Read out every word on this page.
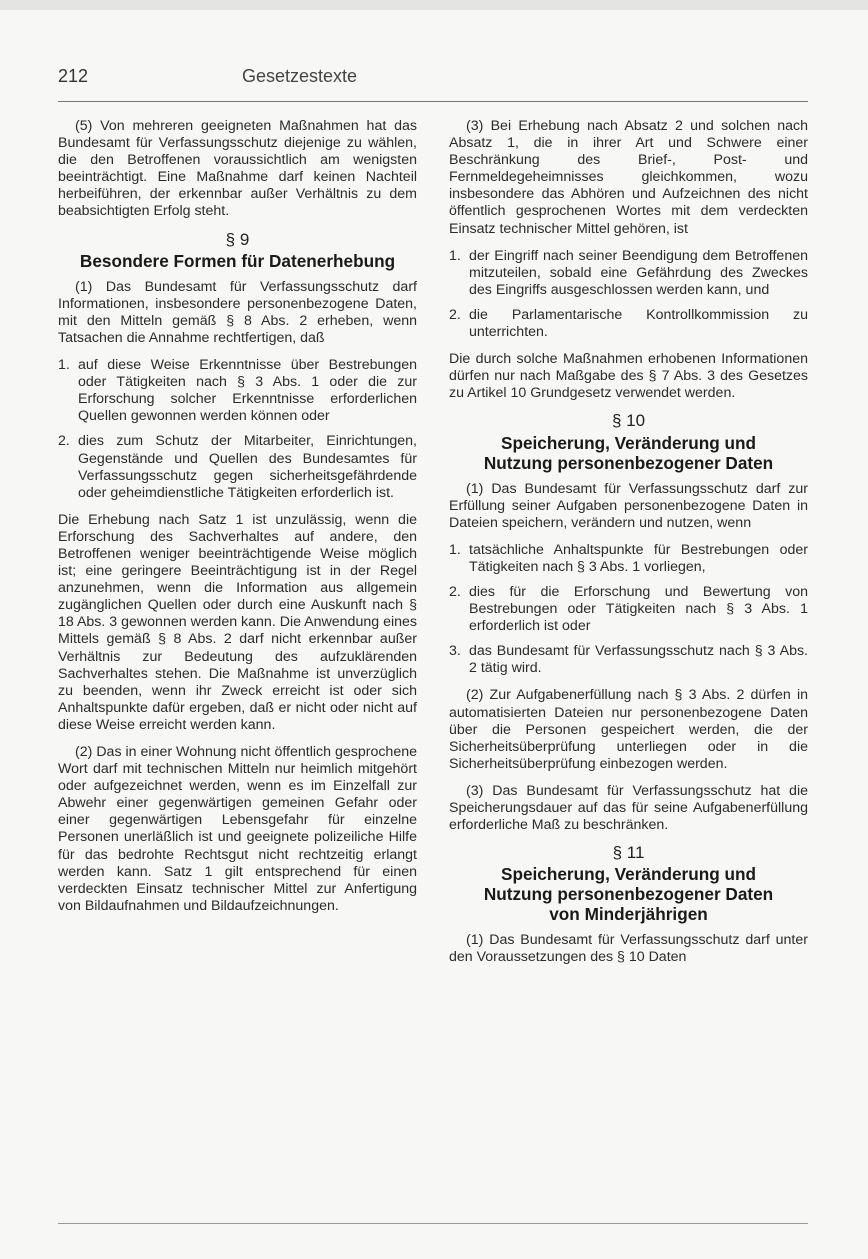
212	Gesetzestexte

(5) Von mehreren geeigneten Maßnahmen hat das Bundesamt für Verfassungsschutz diejenige zu wählen, die den Betroffenen voraussichtlich am wenigsten beeinträchtigt. Eine Maßnahme darf keinen Nachteil herbeiführen, der erkennbar außer Verhältnis zu dem beabsichtigten Erfolg steht.

§ 9
Besondere Formen für Datenerhebung

(1) Das Bundesamt für Verfassungsschutz darf Informationen, insbesondere personenbezogene Daten, mit den Mitteln gemäß § 8 Abs. 2 erheben, wenn Tatsachen die Annahme rechtfertigen, daß

1. auf diese Weise Erkenntnisse über Bestrebungen oder Tätigkeiten nach § 3 Abs. 1 oder die zur Erforschung solcher Erkenntnisse erforderlichen Quellen gewonnen werden können oder
2. dies zum Schutz der Mitarbeiter, Einrichtungen, Gegenstände und Quellen des Bundesamtes für Verfassungsschutz gegen sicherheitsgefährdende oder geheimdienstliche Tätigkeiten erforderlich ist.

Die Erhebung nach Satz 1 ist unzulässig, wenn die Erforschung des Sachverhaltes auf andere, den Betroffenen weniger beeinträchtigende Weise möglich ist; eine geringere Beeinträchtigung ist in der Regel anzunehmen, wenn die Information aus allgemein zugänglichen Quellen oder durch eine Auskunft nach § 18 Abs. 3 gewonnen werden kann. Die Anwendung eines Mittels gemäß § 8 Abs. 2 darf nicht erkennbar außer Verhältnis zur Bedeutung des aufzuklärenden Sachverhaltes stehen. Die Maßnahme ist unverzüglich zu beenden, wenn ihr Zweck erreicht ist oder sich Anhaltspunkte dafür ergeben, daß er nicht oder nicht auf diese Weise erreicht werden kann.

(2) Das in einer Wohnung nicht öffentlich gesprochene Wort darf mit technischen Mitteln nur heimlich mitgehört oder aufgezeichnet werden, wenn es im Einzelfall zur Abwehr einer gegenwärtigen gemeinen Gefahr oder einer gegenwärtigen Lebensgefahr für einzelne Personen unerläßlich ist und geeignete polizeiliche Hilfe für das bedrohte Rechtsgut nicht rechtzeitig erlangt werden kann. Satz 1 gilt entsprechend für einen verdeckten Einsatz technischer Mittel zur Anfertigung von Bildaufnahmen und Bildaufzeichnungen.

(3) Bei Erhebung nach Absatz 2 und solchen nach Absatz 1, die in ihrer Art und Schwere einer Beschränkung des Brief-, Post- und Fernmeldegeheimnisses gleichkommen, wozu insbesondere das Abhören und Aufzeichnen des nicht öffentlich gesprochenen Wortes mit dem verdeckten Einsatz technischer Mittel gehören, ist

1. der Eingriff nach seiner Beendigung dem Betroffenen mitzuteilen, sobald eine Gefährdung des Zweckes des Eingriffs ausgeschlossen werden kann, und
2. die Parlamentarische Kontrollkommission zu unterrichten.

Die durch solche Maßnahmen erhobenen Informationen dürfen nur nach Maßgabe des § 7 Abs. 3 des Gesetzes zu Artikel 10 Grundgesetz verwendet werden.

§ 10
Speicherung, Veränderung und
Nutzung personenbezogener Daten

(1) Das Bundesamt für Verfassungsschutz darf zur Erfüllung seiner Aufgaben personenbezogene Daten in Dateien speichern, verändern und nutzen, wenn

1. tatsächliche Anhaltspunkte für Bestrebungen oder Tätigkeiten nach § 3 Abs. 1 vorliegen,
2. dies für die Erforschung und Bewertung von Bestrebungen oder Tätigkeiten nach § 3 Abs. 1 erforderlich ist oder
3. das Bundesamt für Verfassungsschutz nach § 3 Abs. 2 tätig wird.

(2) Zur Aufgabenerfüllung nach § 3 Abs. 2 dürfen in automatisierten Dateien nur personenbezogene Daten über die Personen gespeichert werden, die der Sicherheitsüberprüfung unterliegen oder in die Sicherheitsüberprüfung einbezogen werden.

(3) Das Bundesamt für Verfassungsschutz hat die Speicherungsdauer auf das für seine Aufgabenerfüllung erforderliche Maß zu beschränken.

§ 11
Speicherung, Veränderung und
Nutzung personenbezogener Daten
von Minderjährigen

(1) Das Bundesamt für Verfassungsschutz darf unter den Voraussetzungen des § 10 Daten
